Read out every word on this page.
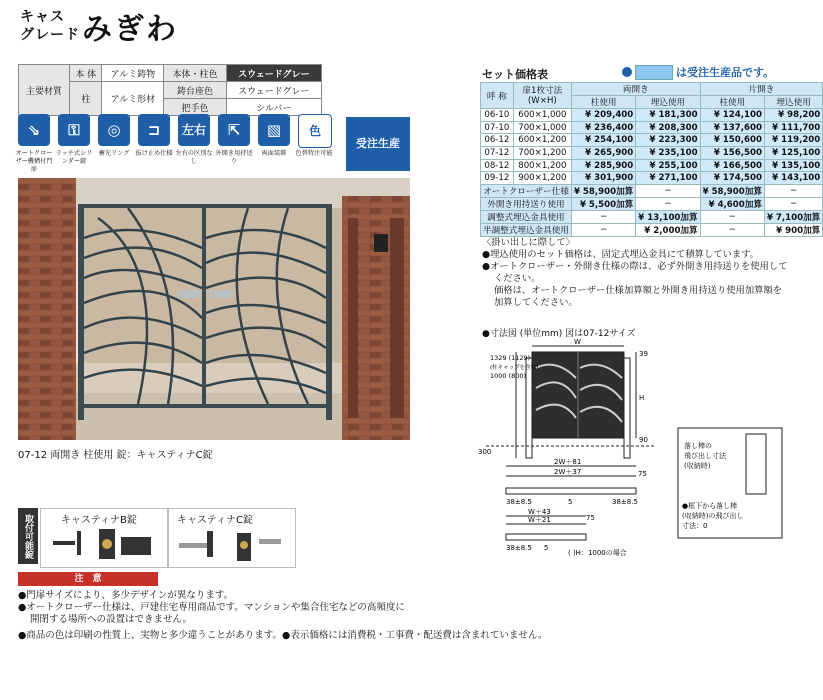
キャス
グレード みぎわ
主要材質	本 体	アルミ鋳物	本体・柱色	スウェードグレー
	柱	アルミ形材	鋳台座色	スウェードグレー
			把手色	シルバー
⇘	⚿	◎	⊐	左右	⇱	▧	色
オートクローザー機構付門扉
ラッチ式シリンダー錠
蓄光リング 抜け止め仕様 左右の区別なし
外開き用持送り
両面装飾	色替特注可能
受注生産
07-12 両開き 柱使用 錠：キャスティナC錠
セット価格表	は受注生産品です。
呼 称	扉1枚寸法
(W×H)	両開き		片開き	
		柱使用	埋込使用	柱使用	埋込使用
06-10	600×1,000	¥ 209,400	¥ 181,300	¥ 124,100	¥ 98,200
07-10	700×1,000	¥ 236,400	¥ 208,300	¥ 137,600	¥ 111,700
06-12	600×1,200	¥ 254,100	¥ 223,300	¥ 150,600	¥ 119,200
07-12	700×1,200	¥ 265,900	¥ 235,100	¥ 156,500	¥ 125,100
08-12	800×1,200	¥ 285,900	¥ 255,100	¥ 166,500	¥ 135,100
09-12	900×1,200	¥ 301,900	¥ 271,100	¥ 174,500	¥ 143,100
オートクローザー仕様		¥ 58,900加算	─	¥ 58,900加算	─
外開き用持送り使用		¥ 5,500加算	─	¥ 4,600加算	─
調整式埋込金具使用		─	¥ 13,100加算	─	¥ 7,100加算
半調整式埋込金具使用		─	¥ 2,000加算	─	¥ 900加算
〈掛い出しに際して〉
●埋込使用のセット価格は、固定式埋込金具にて積算しています。
●オートクローザー・外開き仕様の際は、必ず外開き用持送りを使用して
ください。
価格は、オートクローザー仕様加算額と外開き用持送り使用加算額を
加算してください。
●寸法図 (単位mm) 図は07-12サイズ
W
H
39
90
300
1329 (1129)
(柱キャップを含む)
1000 (800)
2W＋81
2W＋37	75
38±8.5	5	38±8.5
W＋43
W＋21	75
38±8.5 5
( )H：1000の場合
落し棒の
飛び出し寸法
(収納時)
●框下から落し棒
(収納時)の飛び出し
寸法：0
取付可能錠	キャスティナB錠	キャスティナC錠
注　意
●門扉サイズにより、多少デザインが異なります。
●オートクローザー仕様は、戸建住宅専用商品です。マンションや集合住宅などの高頻度に
開閉する場所への設置はできません。
●商品の色は印刷の性質上、実物と多少違うことがあります。●表示価格には消費税・工事費・配送費は含まれていません。
